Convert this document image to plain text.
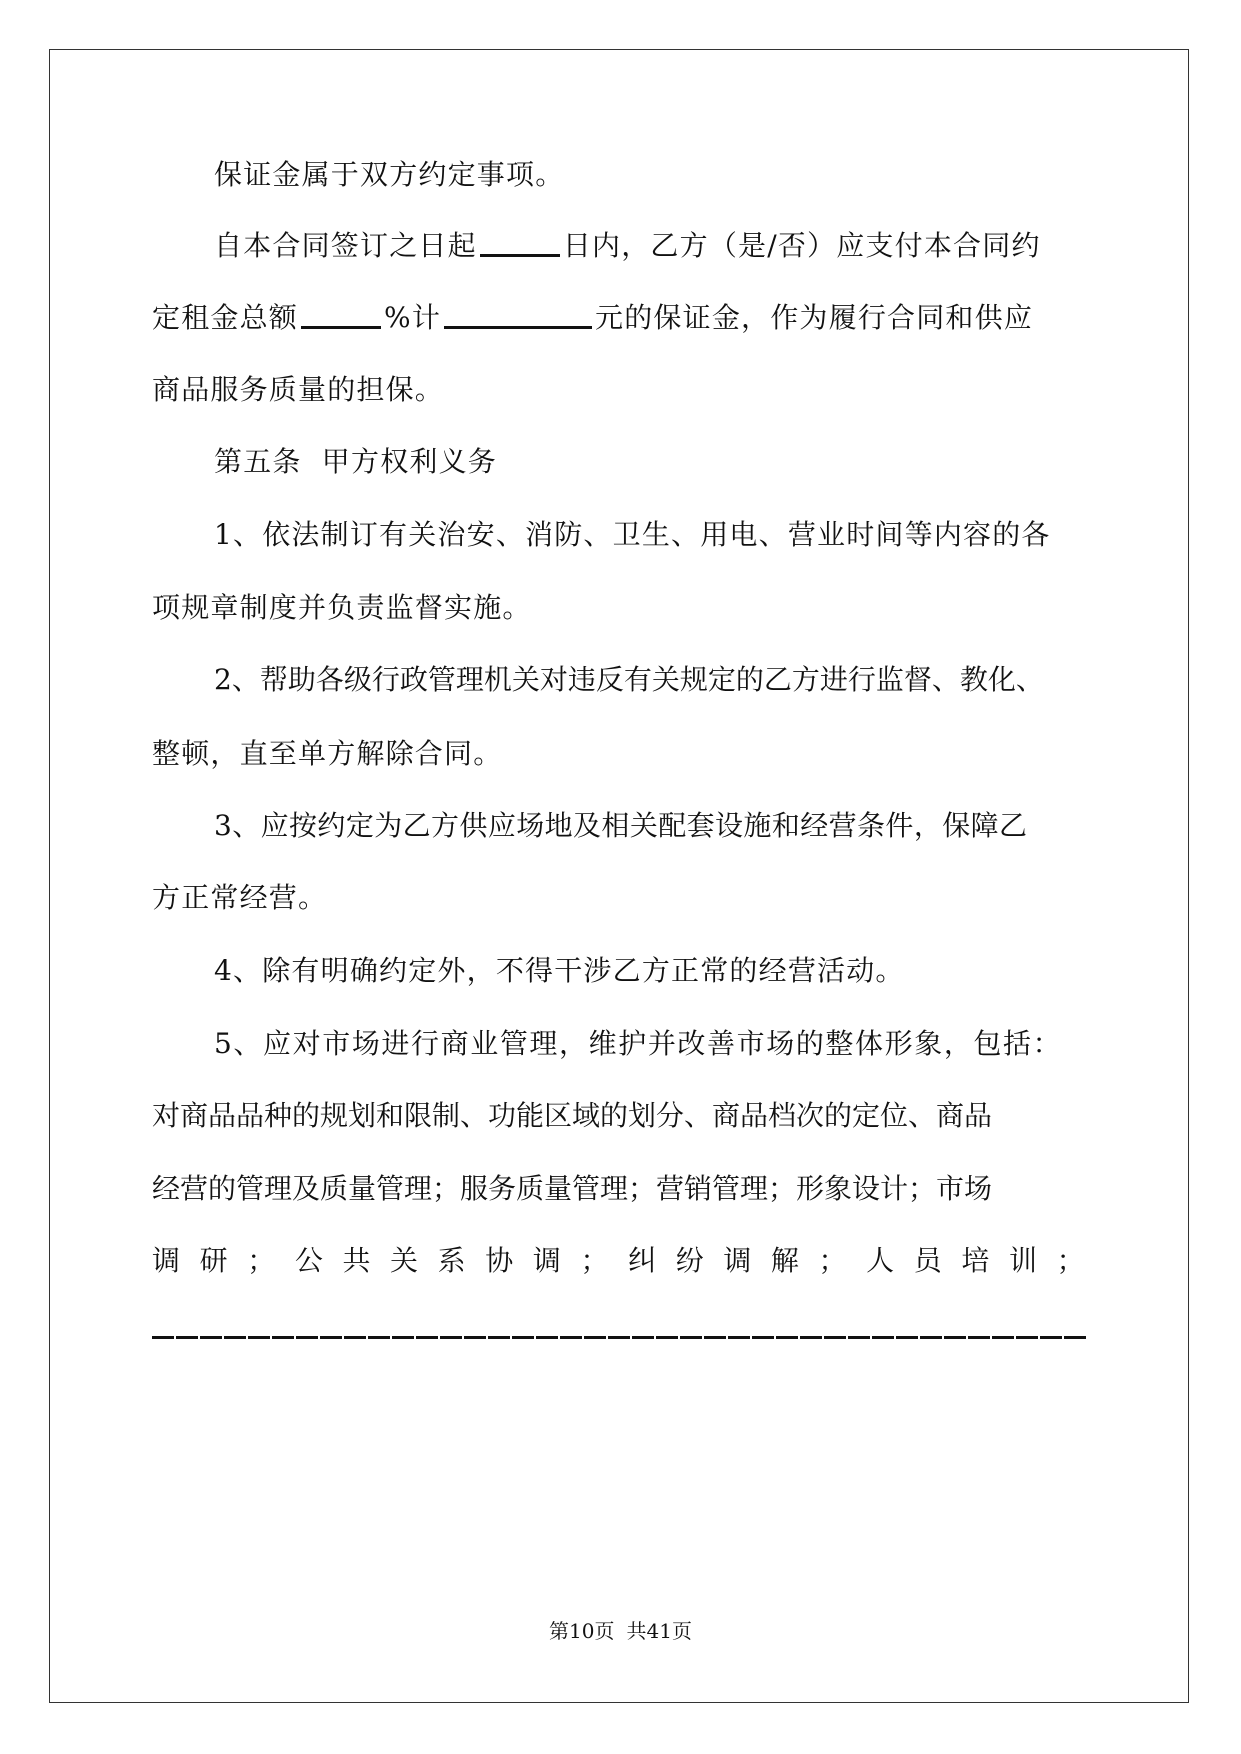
保证金属于双方约定事项。
自本合同签订之日起	日内，乙方（是/否）应支付本合同约
定租金总额	%计	元的保证金，作为履行合同和供应
商品服务质量的担保。
第五条  甲方权利义务
1、依法制订有关治安、消防、卫生、用电、营业时间等内容的各
项规章制度并负责监督实施。
2、帮助各级行政管理机关对违反有关规定的乙方进行监督、教化、
整顿，直至单方解除合同。
3、应按约定为乙方供应场地及相关配套设施和经营条件，保障乙
方正常经营。
4、除有明确约定外，不得干涉乙方正常的经营活动。
5、应对市场进行商业管理，维护并改善市场的整体形象，包括：
对商品品种的规划和限制、功能区域的划分、商品档次的定位、商品
经营的管理及质量管理；服务质量管理；营销管理；形象设计；市场
调 研 ； 公 共 关 系 协 调 ； 纠 纷 调 解 ； 人 员 培 训 ；
第10页 共41页
